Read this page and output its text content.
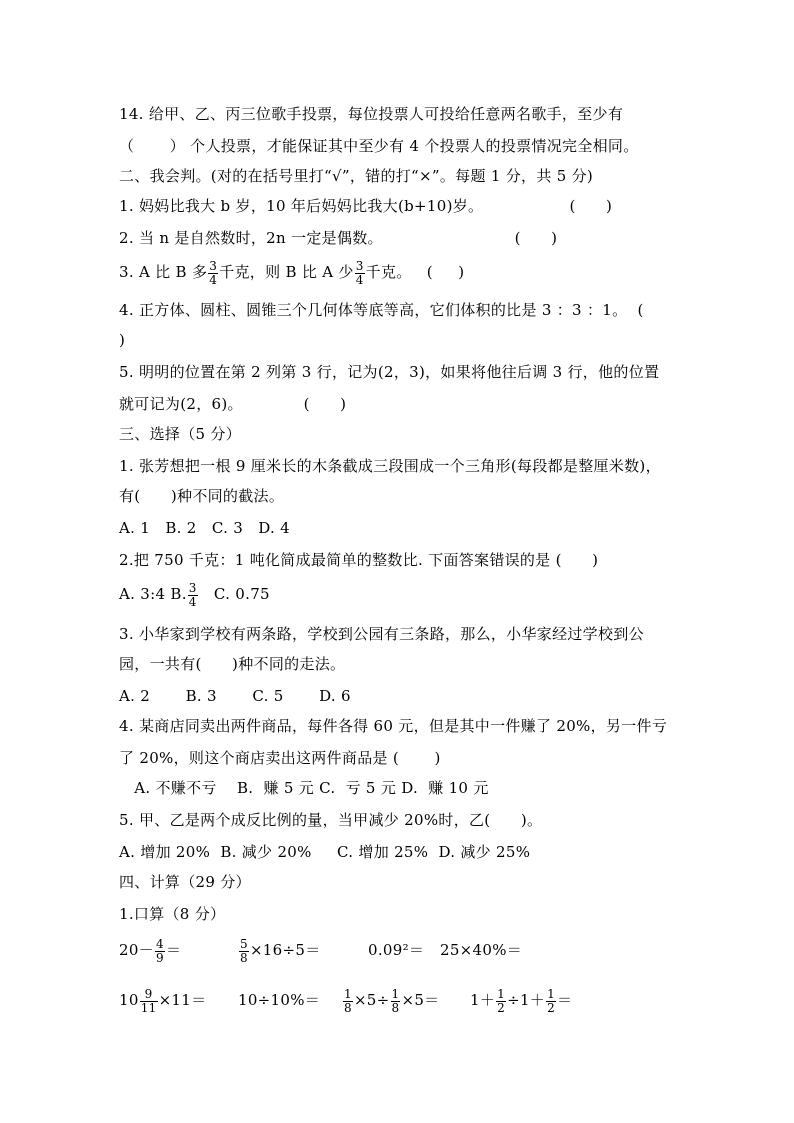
14. 给甲、乙、丙三位歌手投票，每位投票人可投给任意两名歌手，至少有
（       ） 个人投票，才能保证其中至少有 4 个投票人的投票情况完全相同。
二、我会判。(对的在括号里打“√”，错的打“×”。每题 1 分，共 5 分)
1. 妈妈比我大 b 岁，10 年后妈妈比我大(b+10)岁。                 (      )
2. 当 n 是自然数时，2n 一定是偶数。                          (      )
3. A 比 B 多 $\frac{3}{4}$ 千克，则 B 比 A 少 $\frac{3}{4}$ 千克。   (     )
4. 正方体、圆柱、圆锥三个几何体等底等高，它们体积的比是 3 ：3 ：1。  (
)
5. 明明的位置在第 2 列第 3 行，记为(2，3)，如果将他往后调 3 行，他的位置
就可记为(2，6)。            (      )
三、选择（5 分）
1. 张芳想把一根 9 厘米长的木条截成三段围成一个三角形(每段都是整厘米数)，
有(      )种不同的截法。
A. 1   B. 2   C. 3   D. 4
2.把 750 千克：1 吨化简成最简单的整数比. 下面答案错误的是 (      )
A. 3:4 B. $\frac{3}{4} C$. 0.75
3. 小华家到学校有两条路，学校到公园有三条路，那么，小华家经过学校到公
园，一共有(      )种不同的走法。
A. 2       B. 3       C. 5       D. 6
4. 某商店同卖出两件商品，每件各得 60 元，但是其中一件赚了 20%，另一件亏
了 20%，则这个商店卖出这两件商品是 (       )
A. 不赚不亏    B.  赚 5 元 C.  亏 5 元 D.  赚 10 元
5. 甲、乙是两个成反比例的量，当甲减少 20%时，乙(      )。
A. 增加 20%  B. 减少 20%     C. 增加 25%  D. 减少 25%
四、计算（29 分）
1.口算（8 分）
$20- \frac{4}{9}$ ＝	$\frac{5}{8} \times 16\div 5=$	0.09²＝ 25×40%＝
$10 \frac{9}{11} \times 11= 10\div 10\%= \frac{1}{8} \times 5\div \frac{1}{8} \times 5= 1+ \frac{1}{2} \div 1+ \frac{1}{2}$ ＝
